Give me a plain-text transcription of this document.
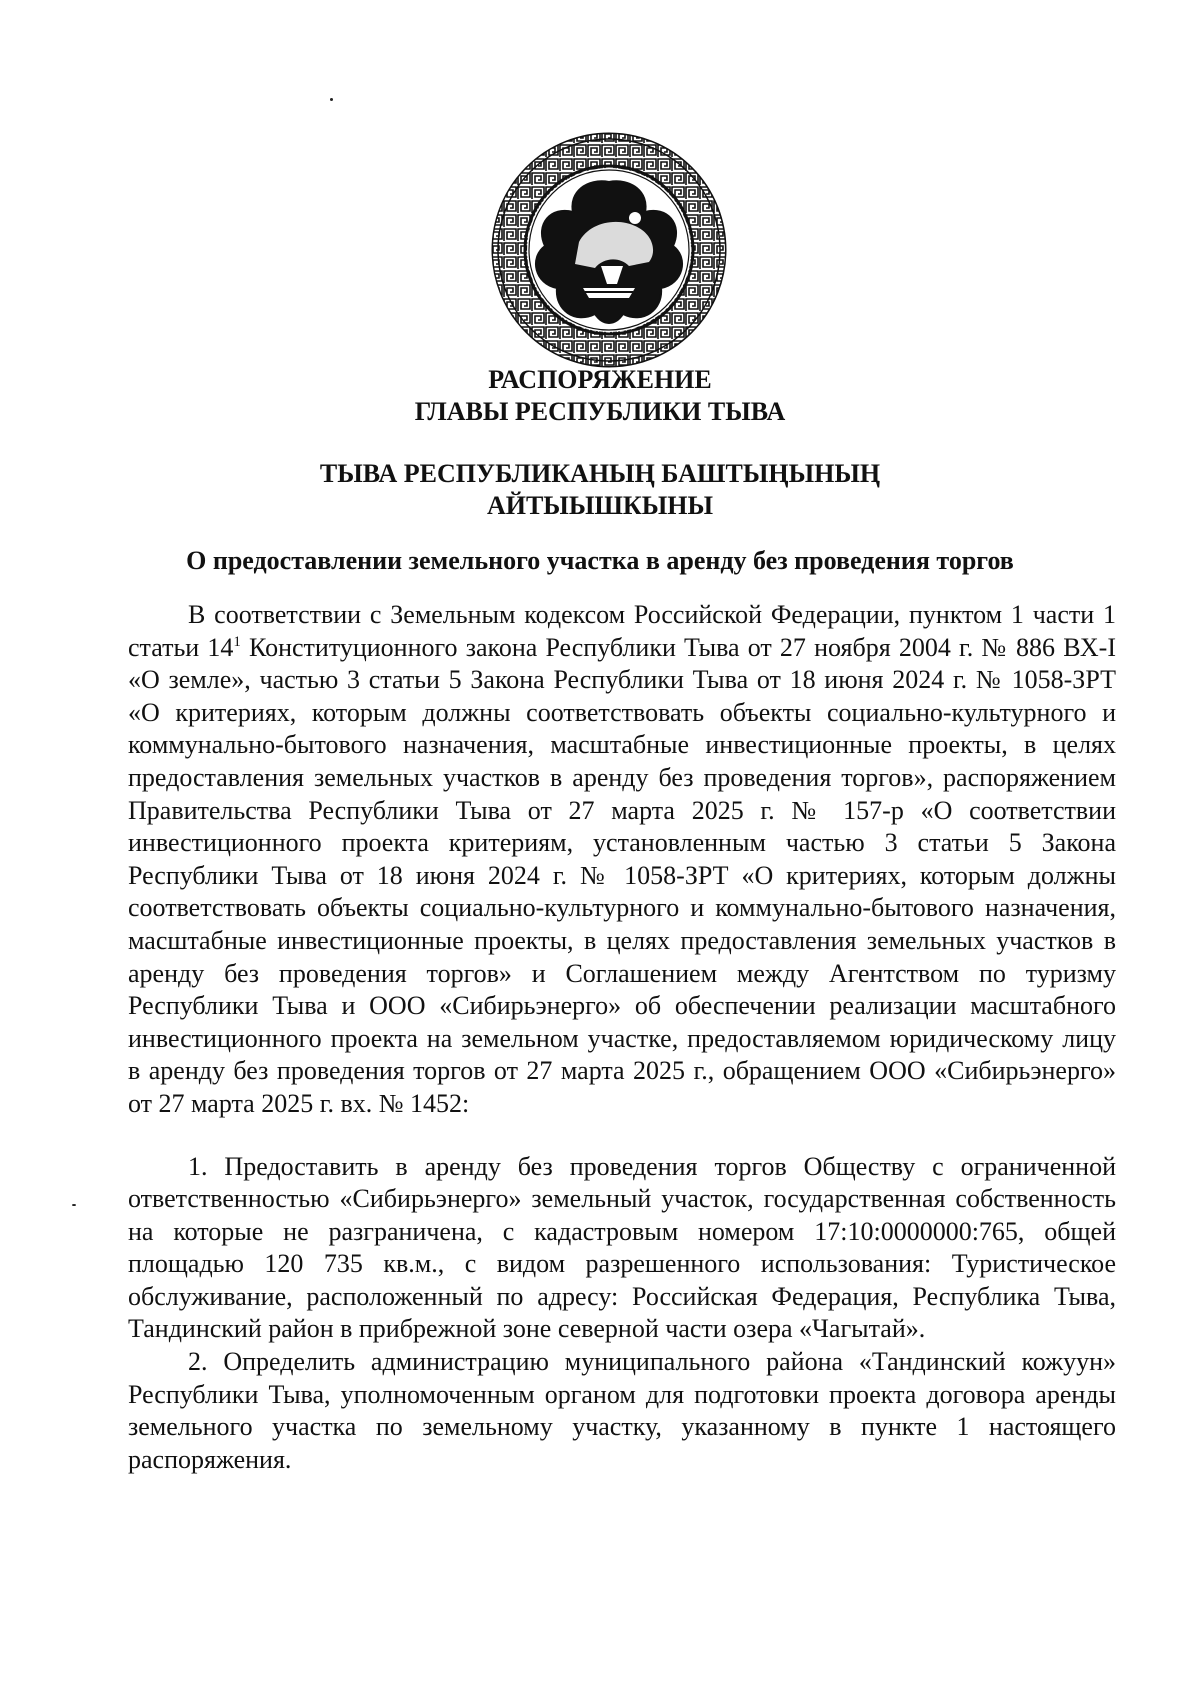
РАСПОРЯЖЕНИЕ
ГЛАВЫ РЕСПУБЛИКИ ТЫВА
ТЫВА РЕСПУБЛИКАНЫҢ БАШТЫҢЫНЫҢ
АЙТЫЫШКЫНЫ
О предоставлении земельного участка в аренду без проведения торгов

В соответствии с Земельным кодексом Российской Федерации, пунктом 1 части 1 статьи $14^1$ Конституционного закона Республики Тыва от 27 ноября 2004 г. № 886 ВХ-I «О земле», частью 3 статьи 5 Закона Республики Тыва от 18 июня 2024 г. № 1058-ЗРТ «О критериях, которым должны соответствовать объекты социально-культурного и коммунально-бытового назначения, масштабные инвестиционные проекты, в целях предоставления земельных участков в аренду без проведения торгов», распоряжением Правительства Республики Тыва от 27 марта 2025 г. № 157-р «О соответствии инвестиционного проекта критериям, установленным частью 3 статьи 5 Закона Республики Тыва от 18 июня 2024 г. № 1058-ЗРТ «О критериях, которым должны соответствовать объекты социально-культурного и коммунально-бытового назначения, масштабные инвестиционные проекты, в целях предоставления земельных участков в аренду без проведения торгов» и Соглашением между Агентством по туризму Республики Тыва и ООО «Сибирьэнерго» об обеспечении реализации масштабного инвестиционного проекта на земельном участке, предоставляемом юридическому лицу в аренду без проведения торгов от 27 марта 2025 г., обращением ООО «Сибирьэнерго» от 27 марта 2025 г. вх. № 1452:

1. Предоставить в аренду без проведения торгов Обществу с ограниченной ответственностью «Сибирьэнерго» земельный участок, государственная собственность на которые не разграничена, с кадастровым номером 17:10:0000000:765, общей площадью 120 735 кв.м., с видом разрешенного использования: Туристическое обслуживание, расположенный по адресу: Российская Федерация, Республика Тыва, Тандинский район в прибрежной зоне северной части озера «Чагытай».

2. Определить администрацию муниципального района «Тандинский кожуун» Республики Тыва, уполномоченным органом для подготовки проекта договора аренды земельного участка по земельному участку, указанному в пункте 1 настоящего распоряжения.
